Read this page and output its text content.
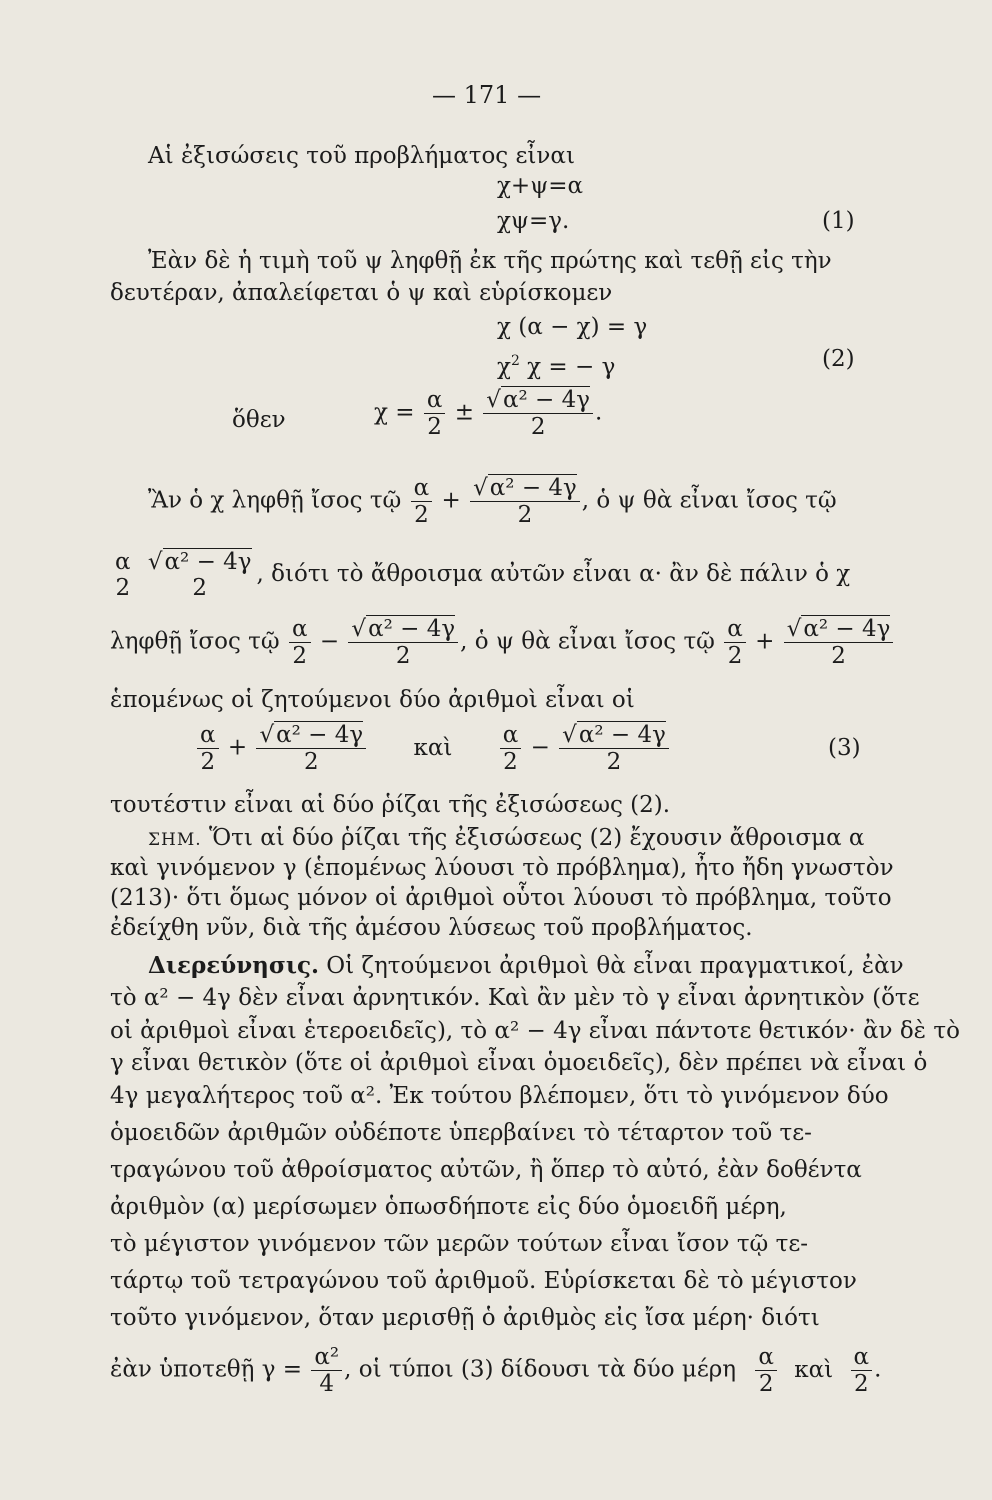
— 171 —
Αἱ ἐξισώσεις τοῦ προβλήματος εἶναι
χ+ψ=α
χψ=γ.	(1)
Ἐὰν δὲ ἡ τιμὴ τοῦ ψ ληφθῇ ἐκ τῆς πρώτης καὶ τεθῇ εἰς τὴν
δευτέραν, ἀπαλείφεται ὁ ψ καὶ εὑρίσκομεν
χ (α − χ) = γ
$\chi^2$ χ = − γ	(2)
ὅθεν	$\chi = \frac{\alpha}{2} \pm \frac{\text{√α² − 4γ}}{2}$ .
Ἂν ὁ χ ληφθῇ ἴσος τῷ $\frac{\alpha}{2} + \frac{\text{√α² − 4γ}}{2}$ , ὁ ψ θὰ εἶναι ἴσος τῷ
α
2

√α² − 4γ
2
, διότι τὸ ἄθροισμα αὐτῶν εἶναι α· ἂν δὲ πάλιν ὁ χ
ληφθῇ ἴσος τῷ $\frac{\alpha}{2} - \frac{\text{√α² − 4γ}}{2}$ , ὁ ψ θὰ εἶναι ἴσος τῷ $\frac{\alpha}{2} + \frac{\text{√α² − 4γ}}{2}$
ἑπομένως οἱ ζητούμενοι δύο ἀριθμοὶ εἶναι οἱ
$\frac{\alpha}{2} + \frac{\text{√α² − 4γ}}{2}$ καὶ $\frac{\alpha}{2} - \frac{\text{√α² − 4γ}}{2}$	(3)
τουτέστιν εἶναι αἱ δύο ῥίζαι τῆς ἐξισώσεως (2).
ΣΗΜ. Ὅτι αἱ δύο ῥίζαι τῆς ἐξισώσεως (2) ἔχουσιν ἄθροισμα α
καὶ γινόμενον γ (ἑπομένως λύουσι τὸ πρόβλημα), ἦτο ἤδη γνωστὸν
(213)· ὅτι ὅμως μόνον οἱ ἀριθμοὶ οὗτοι λύουσι τὸ πρόβλημα, τοῦτο
ἐδείχθη νῦν, διὰ τῆς ἀμέσου λύσεως τοῦ προβλήματος.
Διερεύνησις. Οἱ ζητούμενοι ἀριθμοὶ θὰ εἶναι πραγματικοί, ἐὰν
τὸ α² − 4γ δὲν εἶναι ἀρνητικόν. Καὶ ἂν μὲν τὸ γ εἶναι ἀρνητικὸν (ὅτε
οἱ ἀριθμοὶ εἶναι ἑτεροειδεῖς), τὸ α² − 4γ εἶναι πάντοτε θετικόν· ἂν δὲ τὸ
γ εἶναι θετικὸν (ὅτε οἱ ἀριθμοὶ εἶναι ὁμοειδεῖς), δὲν πρέπει νὰ εἶναι ὁ
4γ μεγαλήτερος τοῦ α². Ἐκ τούτου βλέπομεν, ὅτι τὸ γινόμενον δύο
ὁμοειδῶν ἀριθμῶν οὐδέποτε ὑπερβαίνει τὸ τέταρτον τοῦ τε-
τραγώνου τοῦ ἀθροίσματος αὐτῶν, ἢ ὅπερ τὸ αὐτό, ἐὰν δοθέντα
ἀριθμὸν (α) μερίσωμεν ὁπωσδήποτε εἰς δύο ὁμοειδῆ μέρη,
τὸ μέγιστον γινόμενον τῶν μερῶν τούτων εἶναι ἴσον τῷ τε-
τάρτῳ τοῦ τετραγώνου τοῦ ἀριθμοῦ. Εὑρίσκεται δὲ τὸ μέγιστον
τοῦτο γινόμενον, ὅταν μερισθῇ ὁ ἀριθμὸς εἰς ἴσα μέρη· διότι
ἐὰν ὑποτεθῇ $\gamma = \frac{\text{α²}}{4}$ , οἱ τύποι (3) δίδουσι τὰ δύο μέρη $\frac{\alpha}{2}$ καὶ $\frac{\alpha}{2}$ .
